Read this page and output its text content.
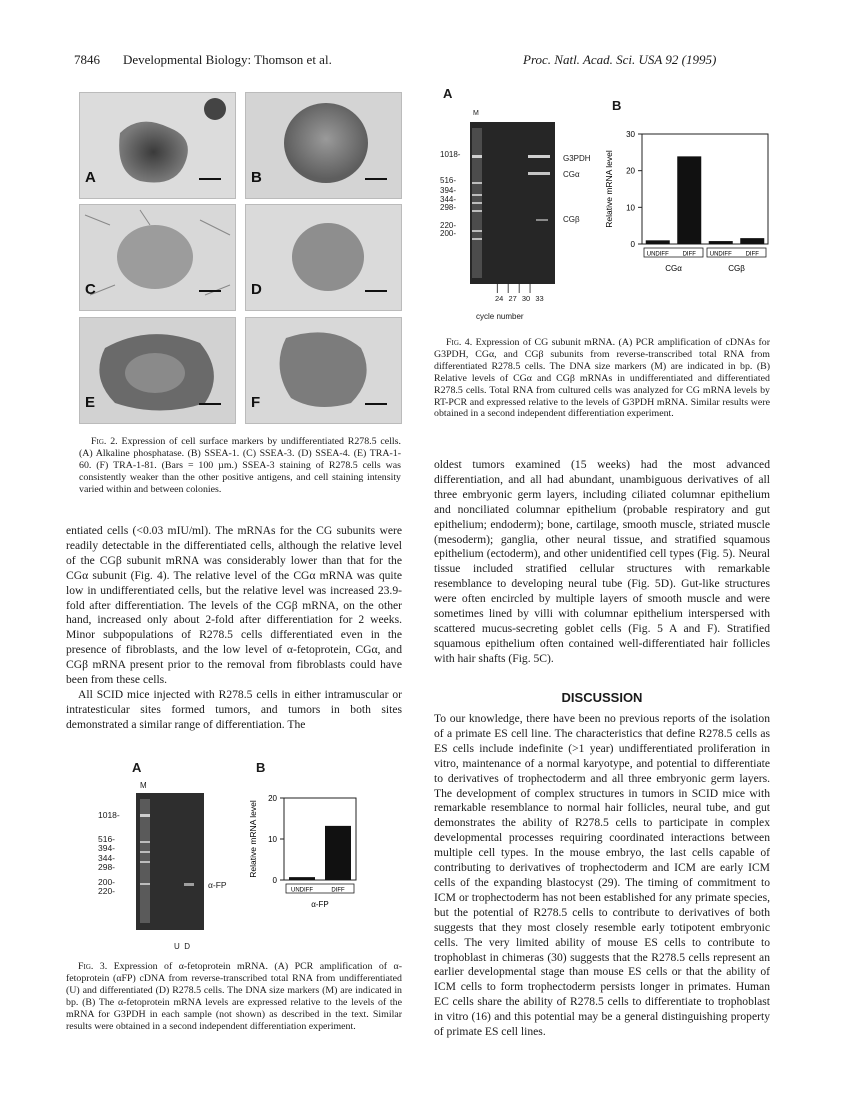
7846 Developmental Biology: Thomson et al.	Proc. Natl. Acad. Sci. USA 92 (1995)
A	B
C	D
E	F

Fig. 2. Expression of cell surface markers by undifferentiated R278.5 cells. (A) Alkaline phosphatase. (B) SSEA-1. (C) SSEA-3. (D) SSEA-4. (E) TRA-1-60. (F) TRA-1-81. (Bars = 100 µm.) SSEA-3 staining of R278.5 cells was consistently weaker than the other positive antigens, and cell staining intensity varied within and between colonies.

entiated cells (<0.03 mIU/ml). The mRNAs for the CG subunits were readily detectable in the differentiated cells, although the relative level of the CGβ subunit mRNA was considerably lower than that for the CGα subunit (Fig. 4). The relative level of the CGα mRNA was quite low in undifferentiated cells, but the relative level was increased 23.9-fold after differentiation. The levels of the CGβ mRNA, on the other hand, increased only about 2-fold after differentiation for 2 weeks. Minor subpopulations of R278.5 cells differentiated even in the presence of fibroblasts, and the low level of α-fetoprotein, CGα, and CGβ mRNA present prior to the removal from fibroblasts could have been from these cells.

All SCID mice injected with R278.5 cells in either intramuscular or intratesticular sites formed tumors, and tumors in both sites demonstrated a similar range of differentiation. The

A	B
M
1018-
516-
394-
344-
298-
200-
220-
α-FP
U  D
0
10
20
Relative mRNA level
α-FP
UNDIFF	DIFF

Fig. 3. Expression of α-fetoprotein mRNA. (A) PCR amplification of α-fetoprotein (αFP) cDNA from reverse-transcribed total RNA from undifferentiated (U) and differentiated (D) R278.5 cells. The DNA size markers (M) are indicated in bp. (B) The α-fetoprotein mRNA levels are expressed relative to the levels of the mRNA for G3PDH in each sample (not shown) as described in the text. Similar results were obtained in a second independent differentiation experiment.

A
B
M
1018-
516-
394-
344-
298-
220-
200-
G3PDH
CGα
CGβ
|   |   |   |
24 27 30 33
cycle number
0
10
20
30
Relative mRNA level
CGα	CGβ
UNDIFF DIFF UNDIFF DIFF

Fig. 4. Expression of CG subunit mRNA. (A) PCR amplification of cDNAs for G3PDH, CGα, and CGβ subunits from reverse-transcribed total RNA from differentiated R278.5 cells. The DNA size markers (M) are indicated in bp. (B) Relative levels of CGα and CGβ mRNAs in undifferentiated and differentiated R278.5 cells. Total RNA from cultured cells was analyzed for CG mRNA levels by RT-PCR and expressed relative to the levels of G3PDH mRNA. Similar results were obtained in a second independent differentiation experiment.

oldest tumors examined (15 weeks) had the most advanced differentiation, and all had abundant, unambiguous derivatives of all three embryonic germ layers, including ciliated columnar epithelium and nonciliated columnar epithelium (probable respiratory and gut epithelium; endoderm); bone, cartilage, smooth muscle, striated muscle (mesoderm); ganglia, other neural tissue, and stratified squamous epithelium (ectoderm), and other unidentified cell types (Fig. 5). Neural tissue included stratified cellular structures with remarkable resemblance to developing neural tube (Fig. 5D). Gut-like structures were often encircled by multiple layers of smooth muscle and were sometimes lined by villi with columnar epithelium interspersed with scattered mucus-secreting goblet cells (Fig. 5 A and F). Stratified squamous epithelium often contained well-differentiated hair follicles with hair shafts (Fig. 5C).

DISCUSSION

To our knowledge, there have been no previous reports of the isolation of a primate ES cell line. The characteristics that define R278.5 cells as ES cells include indefinite (>1 year) undifferentiated proliferation in vitro, maintenance of a normal karyotype, and potential to differentiate to derivatives of trophectoderm and all three embryonic germ layers. The development of complex structures in tumors in SCID mice with remarkable resemblance to normal hair follicles, neural tube, and gut demonstrates the ability of R278.5 cells to participate in complex developmental processes requiring coordinated interactions between multiple cell types. In the mouse embryo, the last cells capable of contributing to derivatives of trophectoderm and ICM are early ICM cells of the expanding blastocyst (29). The timing of commitment to ICM or trophectoderm has not been established for any primate species, but the potential of R278.5 cells to contribute to derivatives of both suggests that they most closely resemble early totipotent embryonic cells. The very limited ability of mouse ES cells to contribute to trophoblast in chimeras (30) suggests that the R278.5 cells represent an earlier developmental stage than mouse ES cells or that the ability of ICM cells to form trophectoderm persists longer in primates. Human EC cells share the ability of R278.5 cells to differentiate to trophoblast in vitro (16) and this potential may be a general distinguishing property of primate ES cell lines.
